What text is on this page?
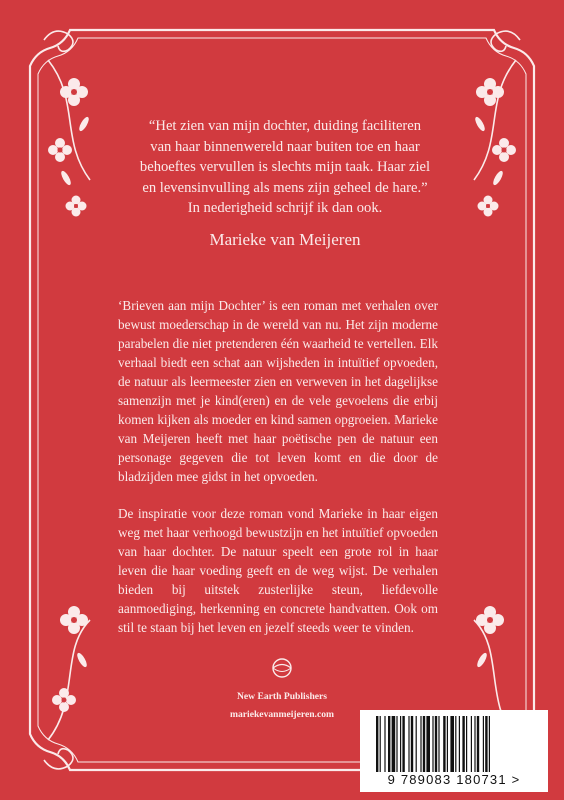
“Het zien van mijn dochter, duiding faciliteren

van haar binnenwereld naar buiten toe en haar

behoeftes vervullen is slechts mijn taak. Haar ziel

en levensinvulling als mens zijn geheel de hare.”

In nederigheid schrijf ik dan ook.

Marieke van Meijeren

‘Brieven aan mijn Dochter’ is een roman met verhalen over bewust moederschap in de wereld van nu. Het zijn moderne parabelen die niet pretenderen één waarheid te vertellen. Elk verhaal biedt een schat aan wijsheden in intuïtief opvoeden, de natuur als leermeester zien en verweven in het dagelijkse samenzijn met je kind(eren) en de vele gevoelens die erbij komen kijken als moeder en kind samen opgroeien. Marieke van Meijeren heeft met haar poëtische pen de natuur een personage gegeven die tot leven komt en die door de bladzijden mee gidst in het opvoeden.

De inspiratie voor deze roman vond Marieke in haar eigen weg met haar verhoogd bewustzijn en het intuïtief opvoeden van haar dochter. De natuur speelt een grote rol in haar leven die haar voeding geeft en de weg wijst. De verhalen bieden bij uitstek zusterlijke steun, liefdevolle aanmoediging, herkenning en concrete handvatten. Ook om stil te staan bij het leven en jezelf steeds weer te vinden.

New Earth Publishers
mariekevanmeijeren.com
9 789083 180731 >
